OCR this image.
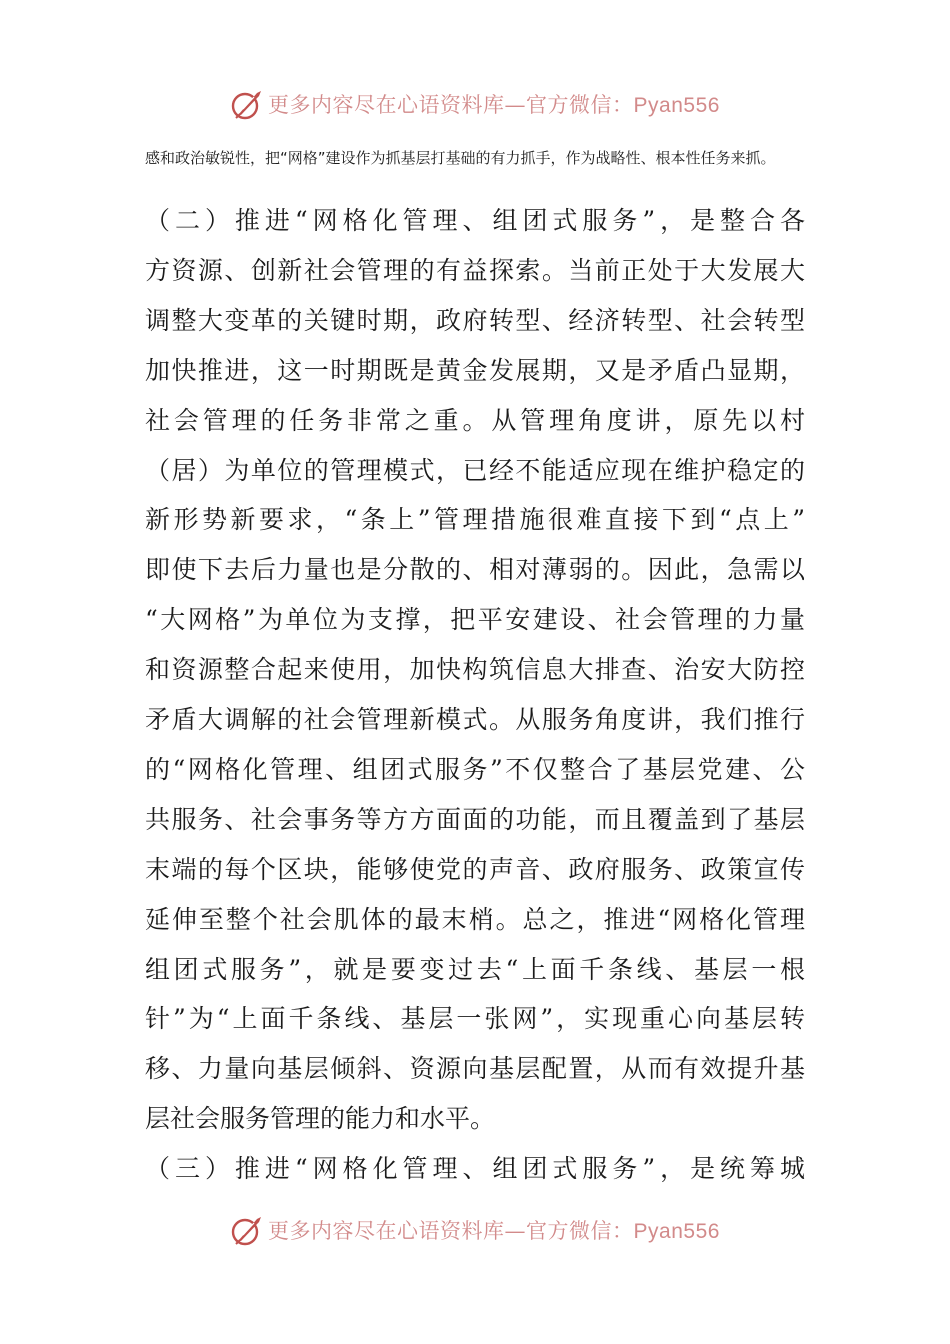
更多内容尽在心语资料库—官方微信：Pyan556

感和政治敏锐性，把“网格”建设作为抓基层打基础的有力抓手，作为战略性、根本性任务来抓。

（二）推进“网格化管理、组团式服务”，是整合各
方资源、创新社会管理的有益探索。当前正处于大发展大
调整大变革的关键时期，政府转型、经济转型、社会转型
加快推进，这一时期既是黄金发展期，又是矛盾凸显期，
社会管理的任务非常之重。从管理角度讲，原先以村
（居）为单位的管理模式，已经不能适应现在维护稳定的
新形势新要求，“条上”管理措施很难直接下到“点上”
即使下去后力量也是分散的、相对薄弱的。因此，急需以
“大网格”为单位为支撑，把平安建设、社会管理的力量
和资源整合起来使用，加快构筑信息大排查、治安大防控
矛盾大调解的社会管理新模式。从服务角度讲，我们推行
的“网格化管理、组团式服务”不仅整合了基层党建、公
共服务、社会事务等方方面面的功能，而且覆盖到了基层
末端的每个区块，能够使党的声音、政府服务、政策宣传
延伸至整个社会肌体的最末梢。总之，推进“网格化管理
组团式服务”，就是要变过去“上面千条线、基层一根
针”为“上面千条线、基层一张网”，实现重心向基层转
移、力量向基层倾斜、资源向基层配置，从而有效提升基
层社会服务管理的能力和水平。
（三）推进“网格化管理、组团式服务”，是统筹城
更多内容尽在心语资料库—官方微信：Pyan556
